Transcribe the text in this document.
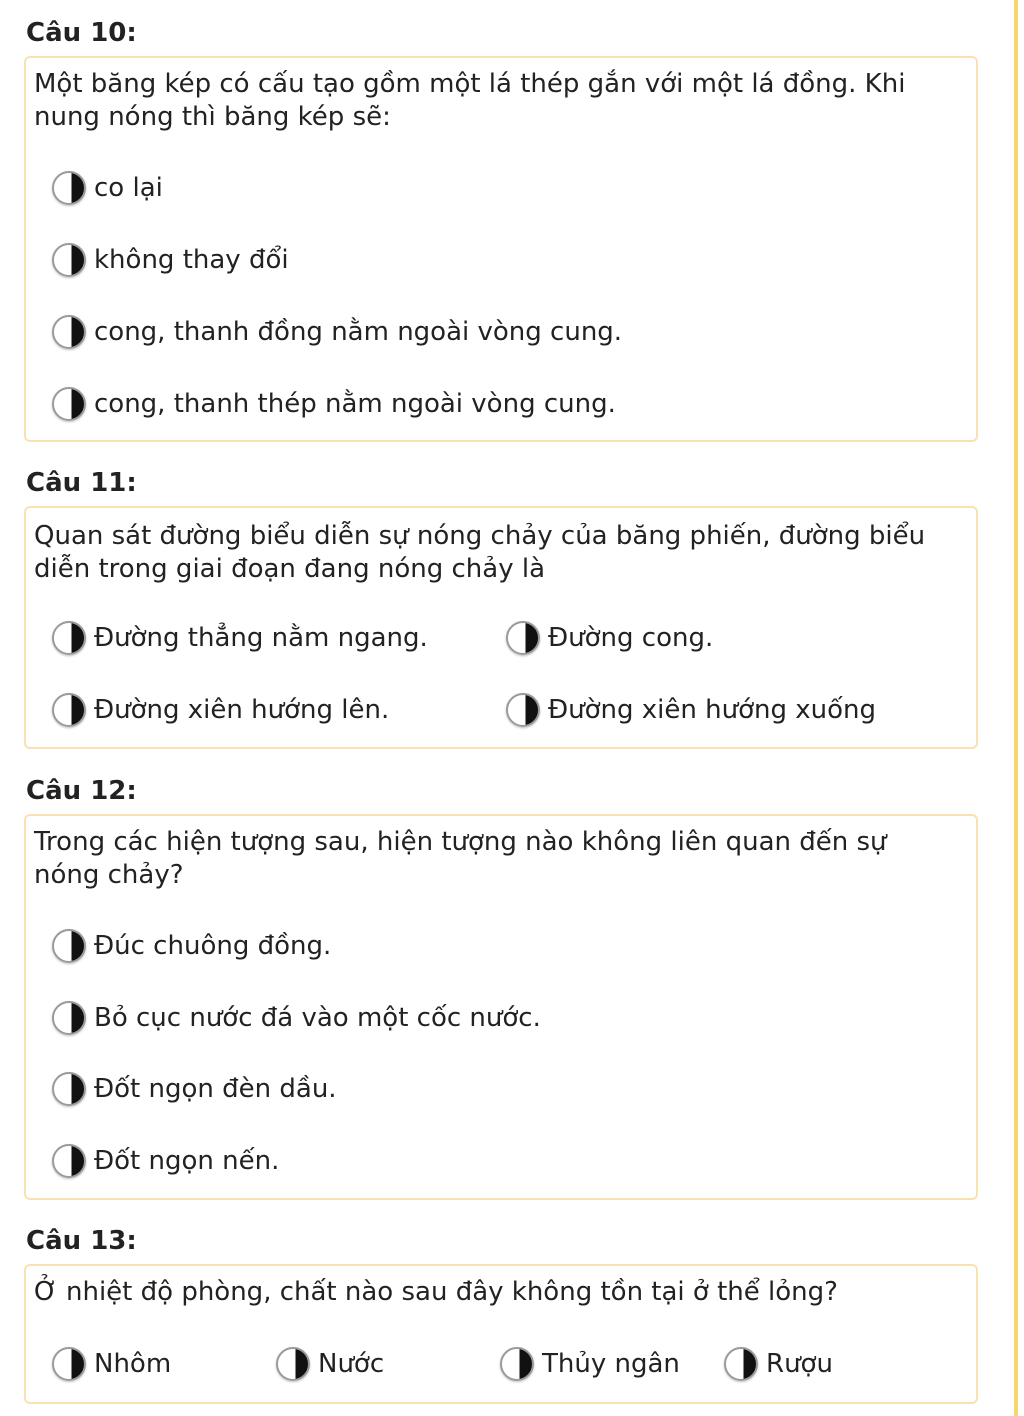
Câu 10:
Một băng kép có cấu tạo gồm một lá thép gắn với một lá đồng. Khi
nung nóng thì băng kép sẽ:
co lại
không thay đổi
cong, thanh đồng nằm ngoài vòng cung.
cong, thanh thép nằm ngoài vòng cung.
Câu 11:
Quan sát đường biểu diễn sự nóng chảy của băng phiến, đường biểu
diễn trong giai đoạn đang nóng chảy là
Đường thẳng nằm ngang.	Đường cong.
Đường xiên hướng lên.	Đường xiên hướng xuống
Câu 12:
Trong các hiện tượng sau, hiện tượng nào không liên quan đến sự
nóng chảy?
Đúc chuông đồng.
Bỏ cục nước đá vào một cốc nước.
Đốt ngọn đèn dầu.
Đốt ngọn nến.
Câu 13:
Ở nhiệt độ phòng, chất nào sau đây không tồn tại ở thể lỏng?
Nhôm	Nước	Thủy ngân	Rượu
